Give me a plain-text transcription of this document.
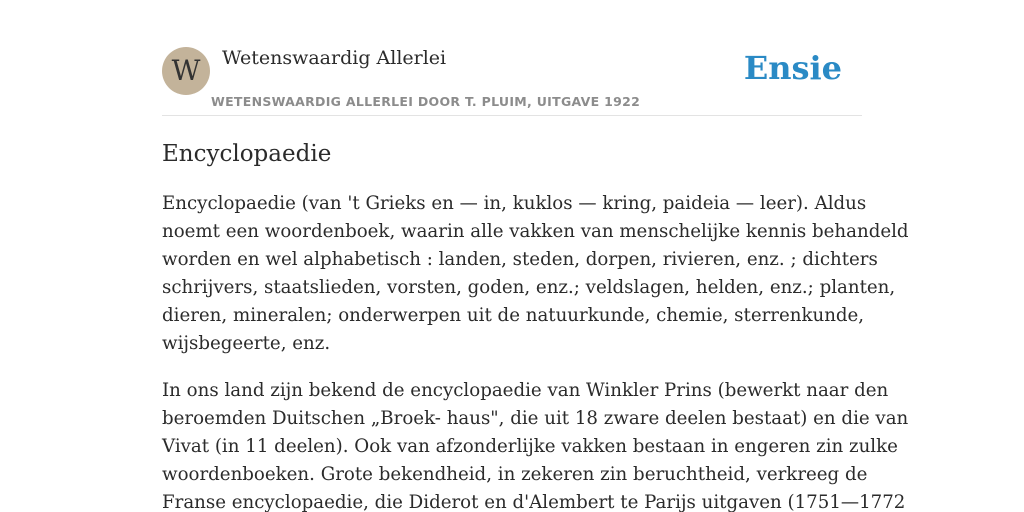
W	Wetenswaardig Allerlei
WETENSWAARDIG ALLERLEI DOOR T. PLUIM, UITGAVE 1922
Ensie
Encyclopaedie

Encyclopaedie (van 't Grieks en — in, kuklos — kring, paideia — leer). Aldus
noemt een woordenboek, waarin alle vakken van menschelijke kennis behandeld
worden en wel alphabetisch : landen, steden, dorpen, rivieren, enz. ; dichters
schrijvers, staatslieden, vorsten, goden, enz.; veldslagen, helden, enz.; planten,
dieren, mineralen; onderwerpen uit de natuurkunde, chemie, sterrenkunde,
wijsbegeerte, enz.

In ons land zijn bekend de encyclopaedie van Winkler Prins (bewerkt naar den
beroemden Duitschen „Broek- haus", die uit 18 zware deelen bestaat) en die van
Vivat (in 11 deelen). Ook van afzonderlijke vakken bestaan in engeren zin zulke
woordenboeken. Grote bekendheid, in zekeren zin beruchtheid, verkreeg de
Franse encyclopaedie, die Diderot en d'Alembert te Parijs uitgaven (1751—1772
